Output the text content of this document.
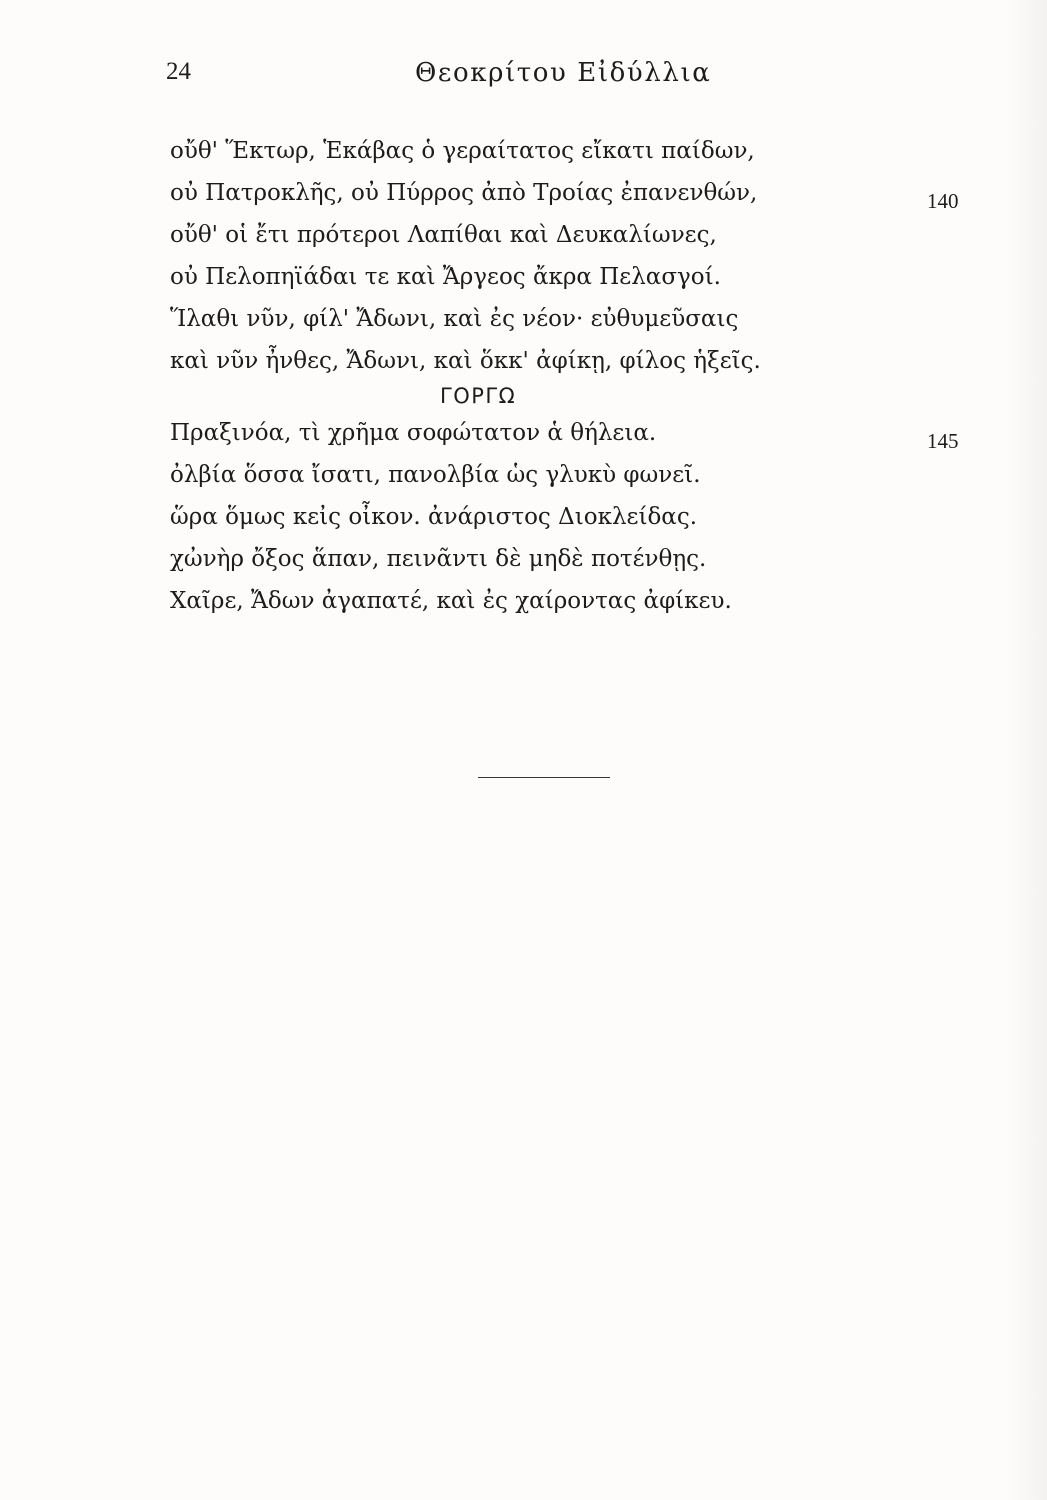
24	Θεοκρίτου Εἰδύλλια
οὔθ' Ἕκτωρ, Ἑκάβας ὁ γεραίτατος εἴκατι παίδων,
οὐ Πατροκλῆς, οὐ Πύρρος ἀπὸ Τροίας ἐπανενθών,	140
οὔθ' οἱ ἔτι πρότεροι Λαπίθαι καὶ Δευκαλίωνες,
οὐ Πελοπηϊάδαι τε καὶ Ἄργεος ἄκρα Πελασγοί.
Ἵλαθι νῦν, φίλ' Ἄδωνι, καὶ ἐς νέον· εὐθυμεῦσαις
καὶ νῦν ἦνθες, Ἄδωνι, καὶ ὅκκ' ἀφίκῃ, φίλος ἡξεῖς.
ΓΟΡΓΩ
Πραξινόα, τὶ χρῆμα σοφώτατον ἁ θήλεια.	145
ὀλβία ὅσσα ἴσατι, πανολβία ὡς γλυκὺ φωνεῖ.
ὥρα ὅμως κεἰς οἶκον. ἀνάριστος Διοκλείδας.
χὠνὴρ ὄξος ἅπαν, πεινᾶντι δὲ μηδὲ ποτένθῃς.
Χαῖρε, Ἄδων ἀγαπατέ, καὶ ἐς χαίροντας ἀφίκευ.
